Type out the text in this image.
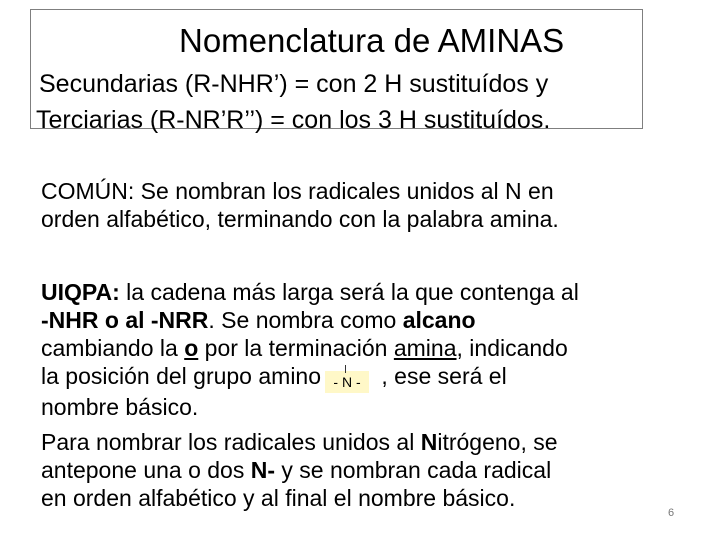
Nomenclatura de AMINAS
Secundarias (R-NHR’) = con 2 H sustituídos y
Terciarias (R-NR’R’’) = con los 3 H sustituídos.
COMÚN: Se nombran los radicales unidos al N en
orden alfabético, terminando con la palabra amina.
UIQPA: la cadena más larga será la que contenga al
-NHR o al -NRR. Se nombra como alcano
cambiando la o por la terminación amina, indicando
la posición del grupo amino - N - , ese será el
nombre básico.
Para nombrar los radicales unidos al Nitrógeno, se
antepone una o dos N- y se nombran cada radical
en orden alfabético y al final el nombre básico.
6
